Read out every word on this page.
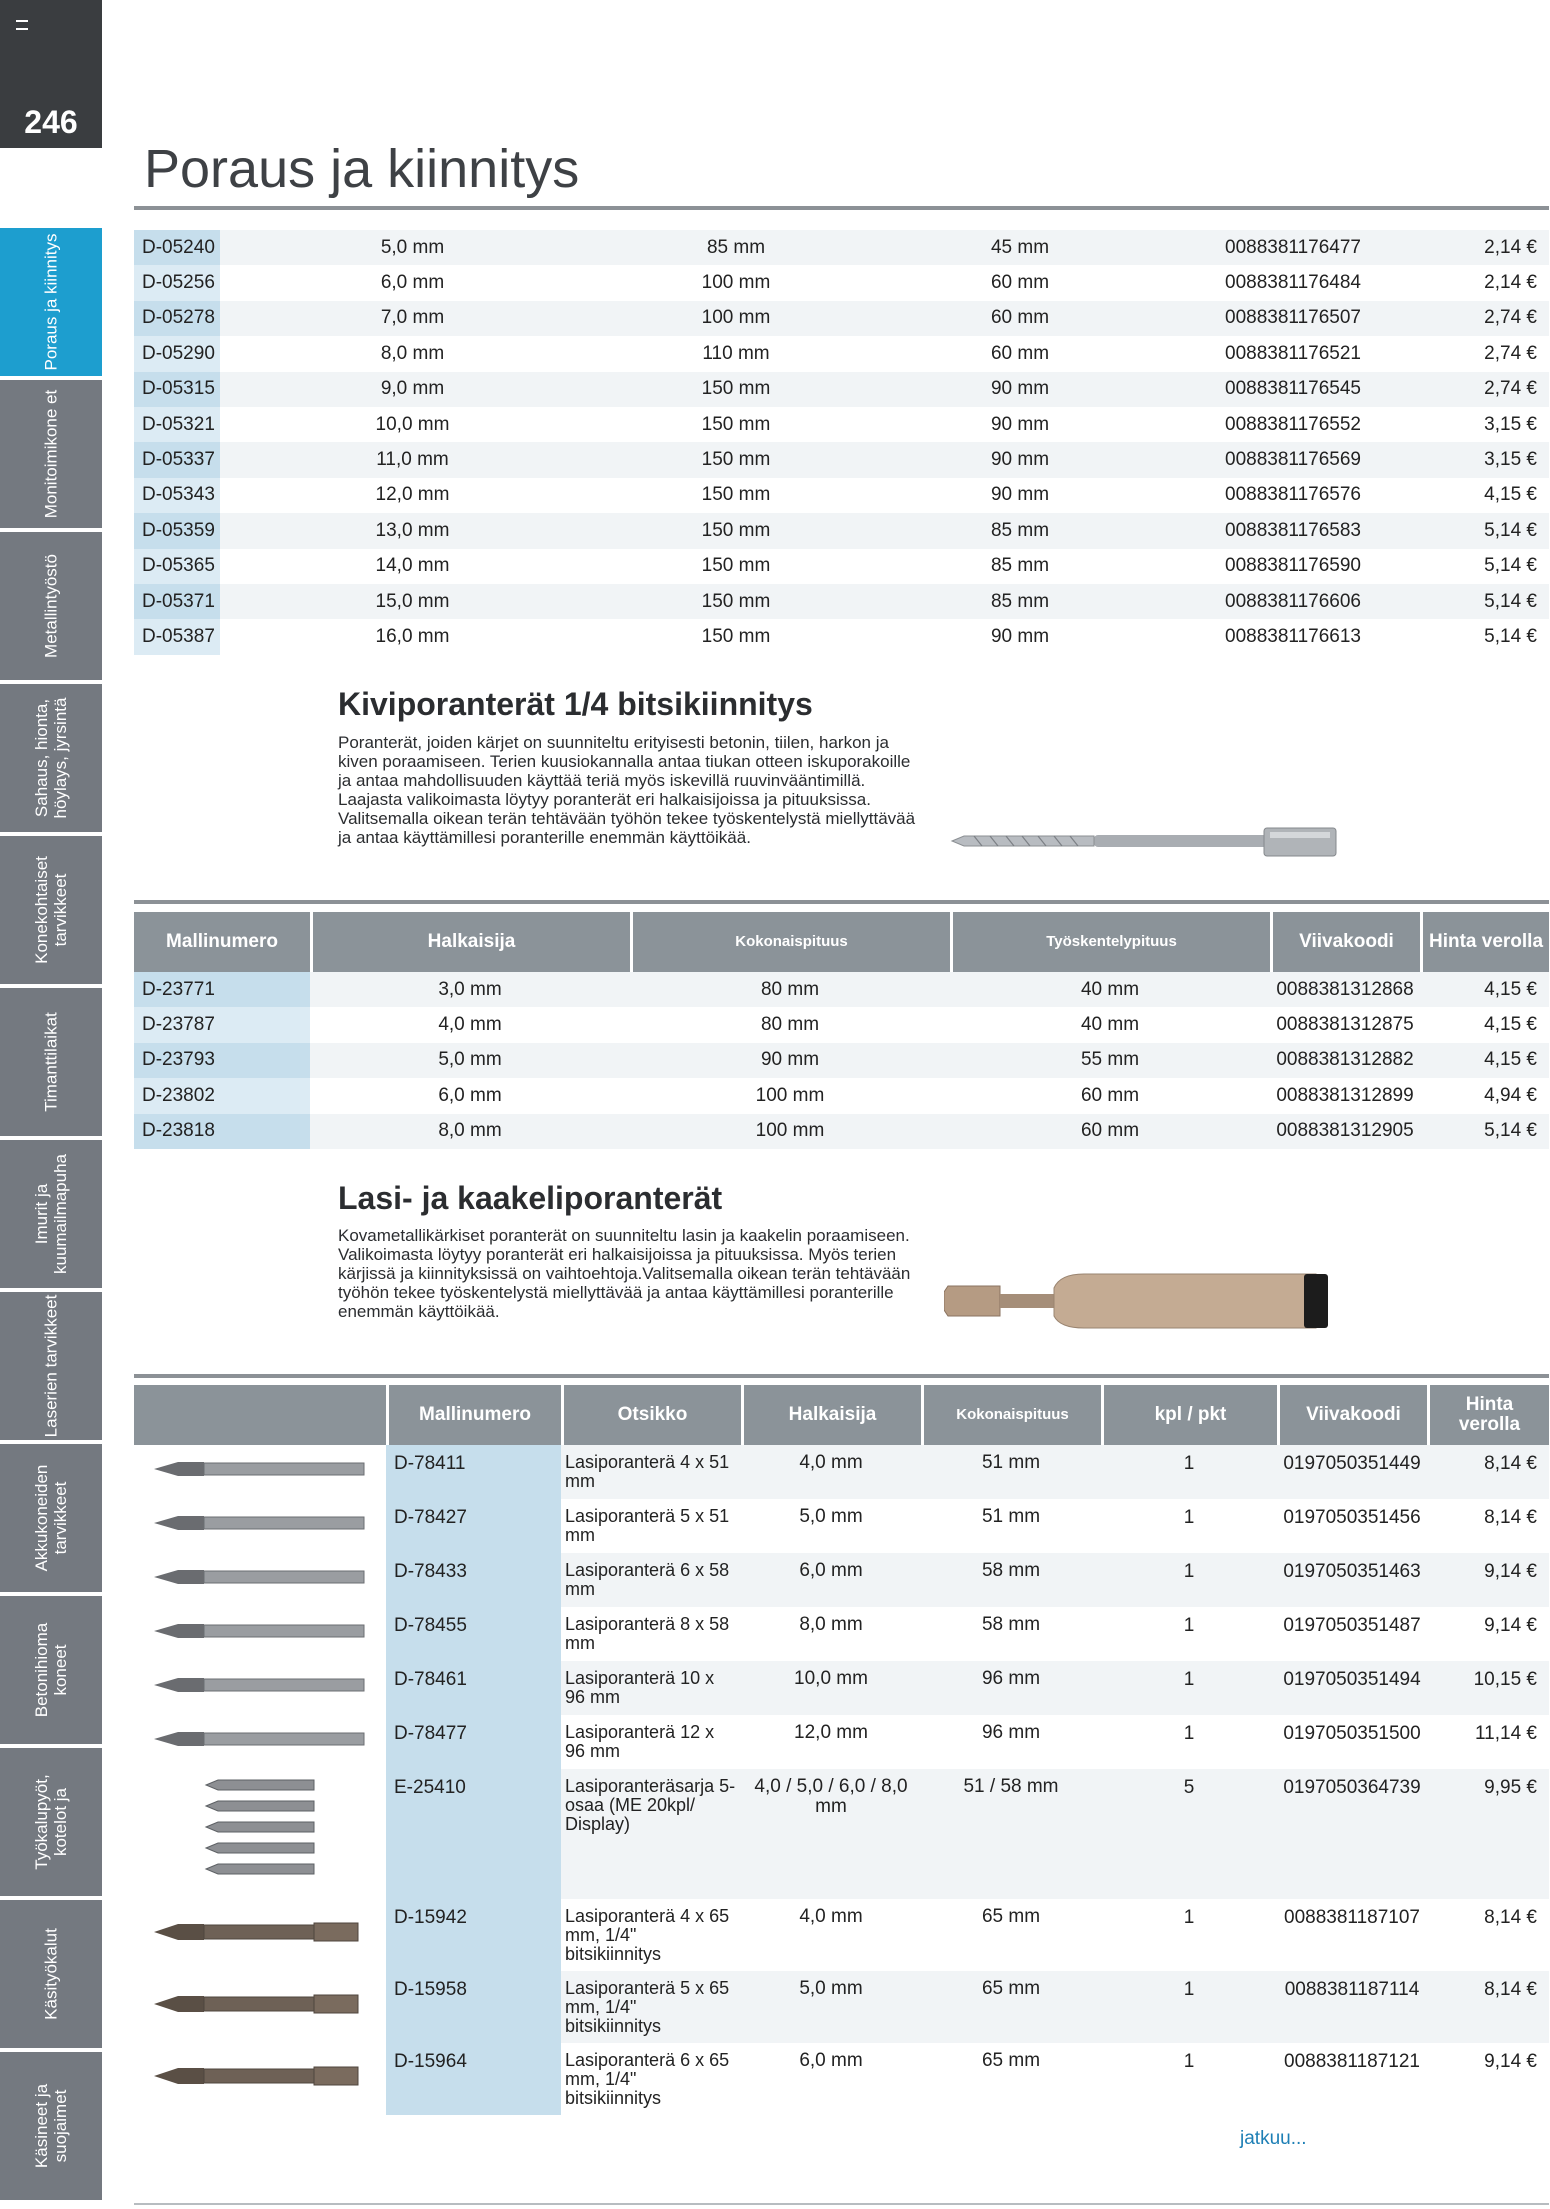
246
Poraus ja kiinnitys
Monitoimikone et
Metallintyöstö
Sahaus, hionta, höylays, jyrsintä
Konekohtaiset tarvikkeet
Timanttilaikat
Imurit ja kuumailmapuha
Laserien tarvikkeet
Akkukoneiden tarvikkeet
Betonihioma koneet
Työkalupyöt, kotelot ja
Käsityökalut
Käsineet ja suojaimet
Poraus ja kiinnitys
D-05240	5,0 mm	85 mm	45 mm	0088381176477	2,14 €
D-05256	6,0 mm	100 mm	60 mm	0088381176484	2,14 €
D-05278	7,0 mm	100 mm	60 mm	0088381176507	2,74 €
D-05290	8,0 mm	110 mm	60 mm	0088381176521	2,74 €
D-05315	9,0 mm	150 mm	90 mm	0088381176545	2,74 €
D-05321	10,0 mm	150 mm	90 mm	0088381176552	3,15 €
D-05337	11,0 mm	150 mm	90 mm	0088381176569	3,15 €
D-05343	12,0 mm	150 mm	90 mm	0088381176576	4,15 €
D-05359	13,0 mm	150 mm	85 mm	0088381176583	5,14 €
D-05365	14,0 mm	150 mm	85 mm	0088381176590	5,14 €
D-05371	15,0 mm	150 mm	85 mm	0088381176606	5,14 €
D-05387	16,0 mm	150 mm	90 mm	0088381176613	5,14 €
Kiviporanterät 1/4 bitsikiinnitys

Poranterät, joiden kärjet on suunniteltu erityisesti betonin, tiilen, harkon ja kiven poraamiseen. Terien kuusiokannalla antaa tiukan otteen iskuporakoille ja antaa mahdollisuuden käyttää teriä myös iskevillä ruuvinvääntimillä. Laajasta valikoimasta löytyy poranterät eri halkaisijoissa ja pituuksissa. Valitsemalla oikean terän tehtävään työhön tekee työskentelystä miellyttävää ja antaa käyttämillesi poranterille enemmän käyttöikää.

Mallinumero	Halkaisija	Kokonaispituus	Työskentelypituus	Viivakoodi	Hinta verolla
D-23771	3,0 mm	80 mm	40 mm	0088381312868	4,15 €
D-23787	4,0 mm	80 mm	40 mm	0088381312875	4,15 €
D-23793	5,0 mm	90 mm	55 mm	0088381312882	4,15 €
D-23802	6,0 mm	100 mm	60 mm	0088381312899	4,94 €
D-23818	8,0 mm	100 mm	60 mm	0088381312905	5,14 €
Lasi- ja kaakeliporanterät

Kovametallikärkiset poranterät on suunniteltu lasin ja kaakelin poraamiseen. Valikoimasta löytyy poranterät eri halkaisijoissa ja pituuksissa. Myös terien kärjissä ja kiinnityksissä on vaihtoehtoja.Valitsemalla oikean terän tehtävään työhön tekee työskentelystä miellyttävää ja antaa käyttämillesi poranterille enemmän käyttöikää.

	Mallinumero	Otsikko	Halkaisija	Kokonaispituus	kpl / pkt	Viivakoodi	Hinta verolla
	D-78411	Lasiporanterä 4 x 51 mm	4,0 mm	51 mm	1	0197050351449	8,14 €
	D-78427	Lasiporanterä 5 x 51 mm	5,0 mm	51 mm	1	0197050351456	8,14 €
	D-78433	Lasiporanterä 6 x 58 mm	6,0 mm	58 mm	1	0197050351463	9,14 €
	D-78455	Lasiporanterä 8 x 58 mm	8,0 mm	58 mm	1	0197050351487	9,14 €
	D-78461	Lasiporanterä 10 x 96 mm	10,0 mm	96 mm	1	0197050351494	10,15 €
	D-78477	Lasiporanterä 12 x 96 mm	12,0 mm	96 mm	1	0197050351500	11,14 €
	E-25410	Lasiporanteräsarja 5-osaa (ME 20kpl/ Display)	4,0 / 5,0 / 6,0 / 8,0 mm	51 / 58 mm	5	0197050364739	9,95 €
	D-15942	Lasiporanterä 4 x 65 mm, 1/4" bitsikiinnitys	4,0 mm	65 mm	1	0088381187107	8,14 €
	D-15958	Lasiporanterä 5 x 65 mm, 1/4" bitsikiinnitys	5,0 mm	65 mm	1	0088381187114	8,14 €
	D-15964	Lasiporanterä 6 x 65 mm, 1/4" bitsikiinnitys	6,0 mm	65 mm	1	0088381187121	9,14 €
jatkuu...
